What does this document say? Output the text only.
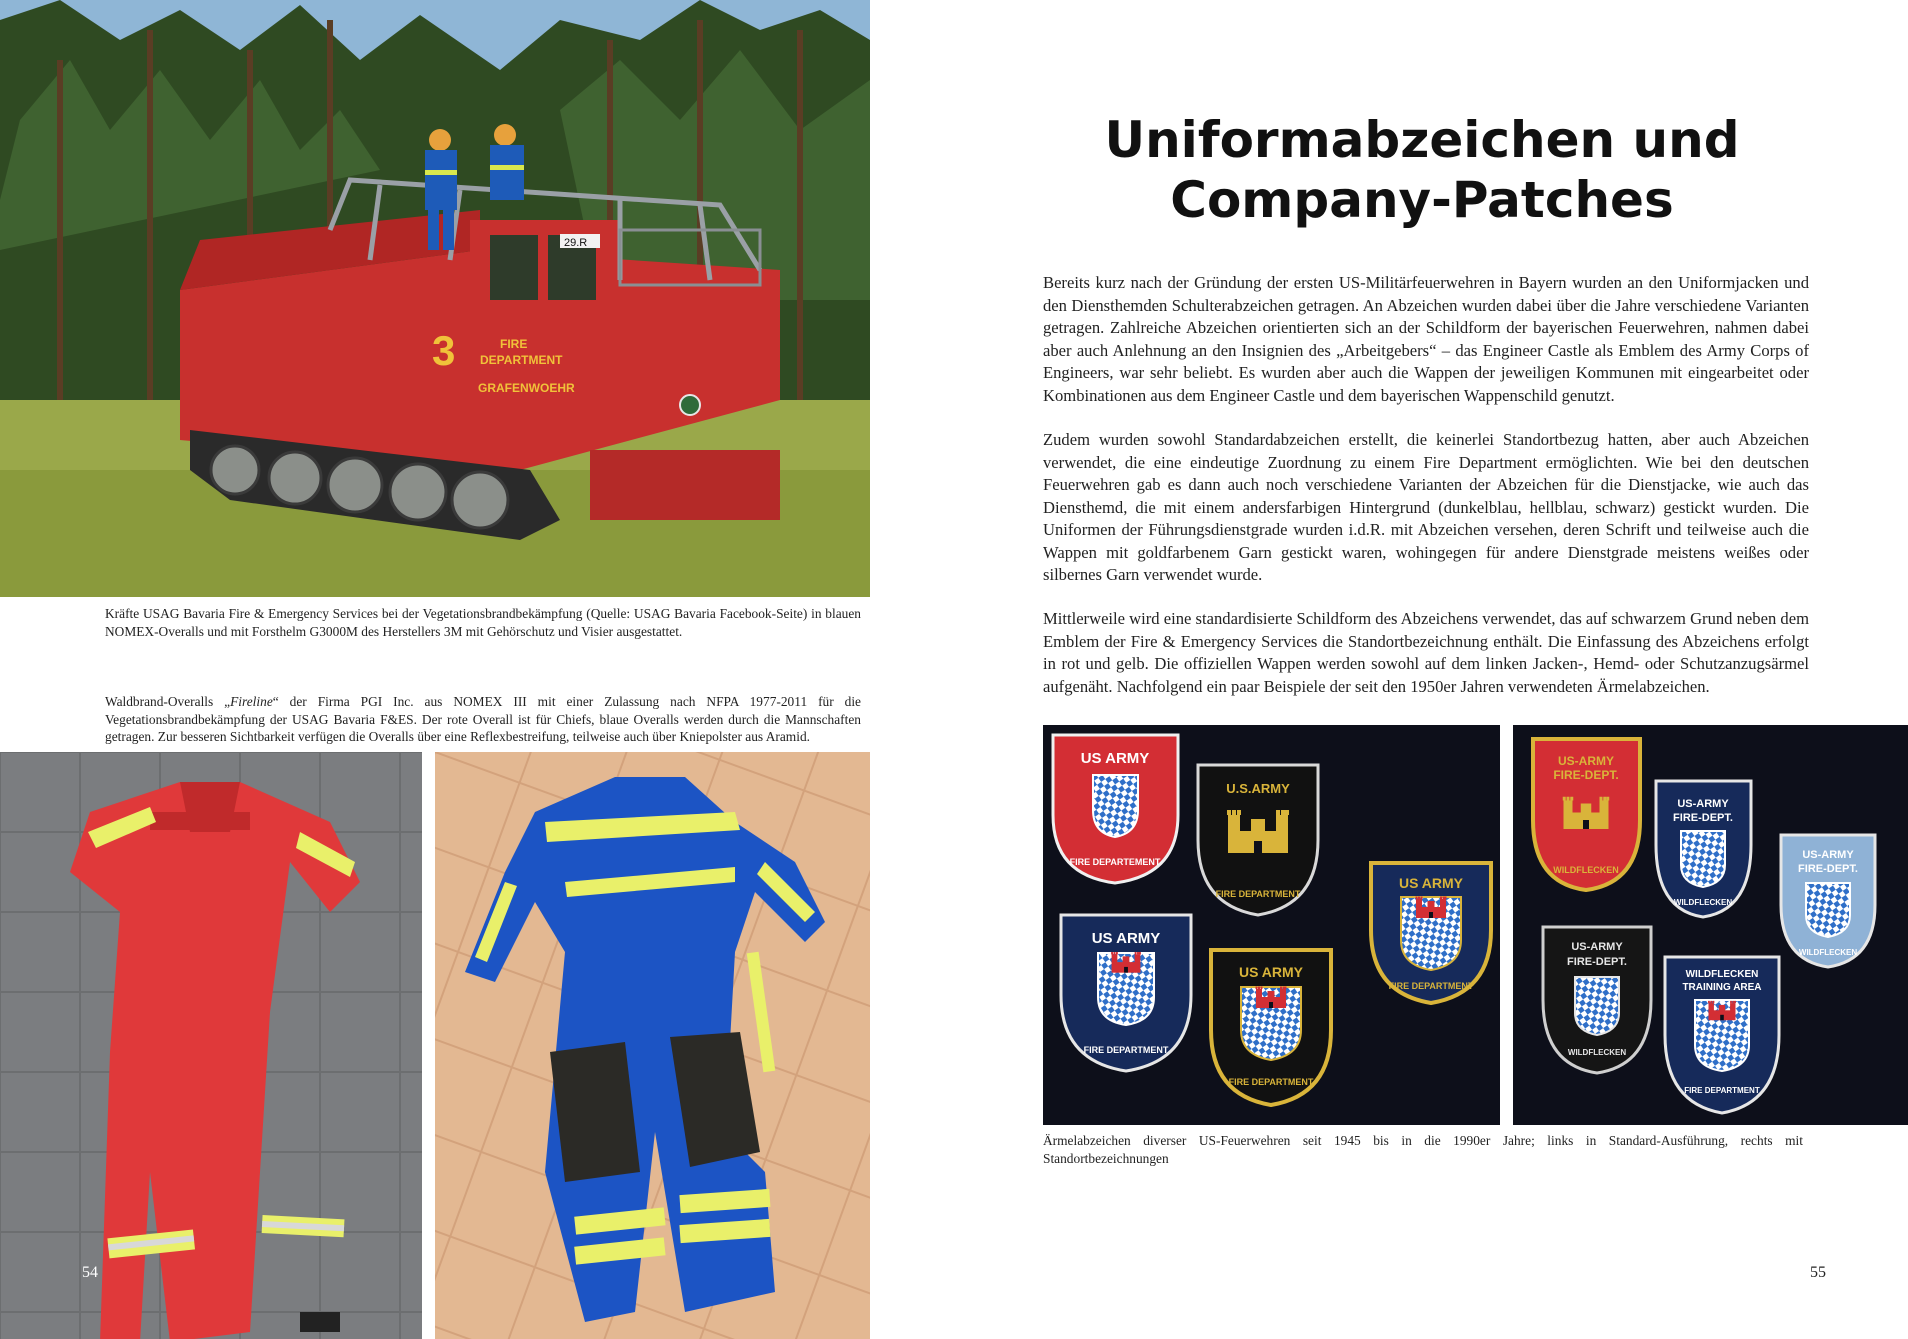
29.R
3	FIRE
DEPARTMENT
GRAFENWOEHR
Kräfte USAG Bavaria Fire & Emergency Services bei der Vegetationsbrandbekämpfung (Quelle: USAG Bavaria Facebook-Seite) in blauen NOMEX-Overalls und mit Forsthelm G3000M des Herstellers 3M mit Gehörschutz und Visier ausgestattet.
Waldbrand-Overalls „Fireline“ der Firma PGI Inc. aus NOMEX III mit einer Zulassung nach NFPA 1977-2011 für die Vegetationsbrandbekämpfung der USAG Bavaria F&ES. Der rote Overall ist für Chiefs, blaue Overalls werden durch die Mannschaften getragen. Zur besseren Sichtbarkeit verfügen die Overalls über eine Reflexbestreifung, teilweise auch über Kniepolster aus Aramid.
54
Uniformabzeichen und
Company-Patches

Bereits kurz nach der Gründung der ersten US-Militärfeuerwehren in Bayern wurden an den Uniformjacken und den Diensthemden Schulterabzeichen getragen. An Abzeichen wurden dabei über die Jahre verschiedene Varianten getragen. Zahlreiche Abzeichen orientierten sich an der Schildform der bayerischen Feuerwehren, nahmen dabei aber auch Anlehnung an den Insignien des „Arbeitgebers“ – das Engineer Castle als Emblem des Army Corps of Engineers, war sehr beliebt. Es wurden aber auch die Wappen der jeweiligen Kommunen mit eingearbeitet oder Kombinationen aus dem Engineer Castle und dem bayerischen Wappenschild genutzt.

Zudem wurden sowohl Standardabzeichen erstellt, die keinerlei Standortbezug hatten, aber auch Abzeichen verwendet, die eine eindeutige Zuordnung zu einem Fire Department ermöglichten. Wie bei den deutschen Feuerwehren gab es dann auch noch verschiedene Varianten der Abzeichen für die Dienstjacke, wie auch das Diensthemd, die mit einem andersfarbigen Hintergrund (dunkelblau, hellblau, schwarz) gestickt wurden. Die Uniformen der Führungsdienstgrade wurden i.d.R. mit Abzeichen versehen, deren Schrift und teilweise auch die Wappen mit goldfarbenem Garn gestickt waren, wohingegen für andere Dienstgrade meistens weißes oder silbernes Garn verwendet wurde.

Mittlerweile wird eine standardisierte Schildform des Abzeichens verwendet, das auf schwarzem Grund neben dem Emblem der Fire & Emergency Services die Standortbezeichnung enthält. Die Einfassung des Abzeichens erfolgt in rot und gelb. Die offiziellen Wappen werden sowohl auf dem linken Jacken-, Hemd- oder Schutzanzugsärmel aufgenäht. Nachfolgend ein paar Beispiele der seit den 1950er Jahren verwendeten Ärmelabzeichen.

US ARMY
FIRE DEPARTEMENT
U.S.ARMY
FIRE DEPARTMENT
US ARMY
FIRE DEPARTMENT
US ARMY
FIRE DEPARTMENT
US ARMY
FIRE DEPARTMENT
US-ARMY
FIRE-DEPT.
WILDFLECKEN
US-ARMY
FIRE-DEPT.
WILDFLECKEN
US-ARMY
FIRE-DEPT.
WILDFLECKEN
US-ARMY
FIRE-DEPT.
WILDFLECKEN
WILDFLECKEN
TRAINING AREA
FIRE DEPARTMENT
Ärmelabzeichen diverser US-Feuerwehren seit 1945 bis in die 1990er Jahre; links in Standard-Ausführung, rechts mit Standortbezeichnungen
55
